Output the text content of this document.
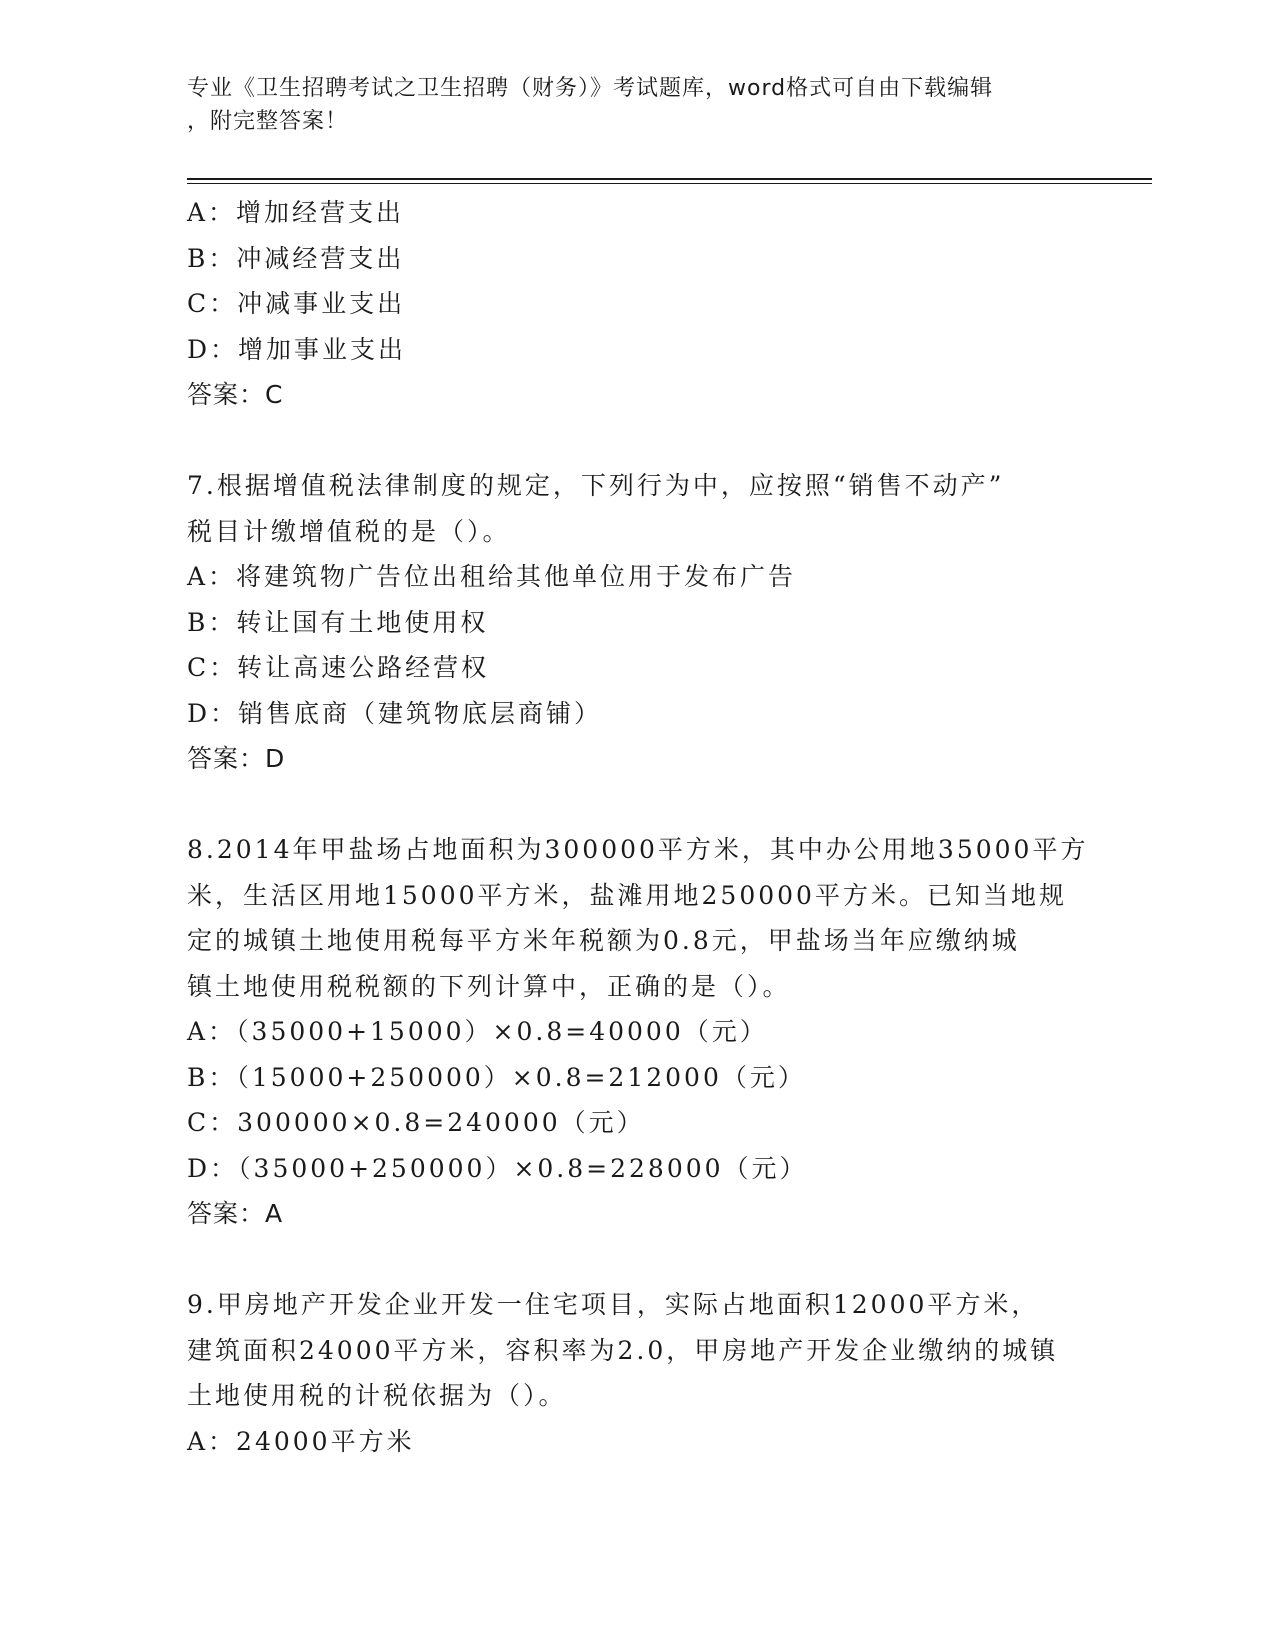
专业《卫生招聘考试之卫生招聘（财务）》考试题库，word格式可自由下载编辑
，附完整答案！
A：增加经营支出
B：冲减经营支出
C：冲减事业支出
D：增加事业支出
答案：C
7.根据增值税法律制度的规定，下列行为中，应按照“销售不动产”
税目计缴增值税的是（）。
A：将建筑物广告位出租给其他单位用于发布广告
B：转让国有土地使用权
C：转让高速公路经营权
D：销售底商（建筑物底层商铺）
答案：D
8.2014年甲盐场占地面积为300000平方米，其中办公用地35000平方
米，生活区用地15000平方米，盐滩用地250000平方米。已知当地规
定的城镇土地使用税每平方米年税额为0.8元，甲盐场当年应缴纳城
镇土地使用税税额的下列计算中，正确的是（）。
A：（35000+15000）×0.8=40000（元）
B：（15000+250000）×0.8=212000（元）
C：300000×0.8=240000（元）
D：（35000+250000）×0.8=228000（元）
答案：A
9.甲房地产开发企业开发一住宅项目，实际占地面积12000平方米，
建筑面积24000平方米，容积率为2.0，甲房地产开发企业缴纳的城镇
土地使用税的计税依据为（）。
A：24000平方米
